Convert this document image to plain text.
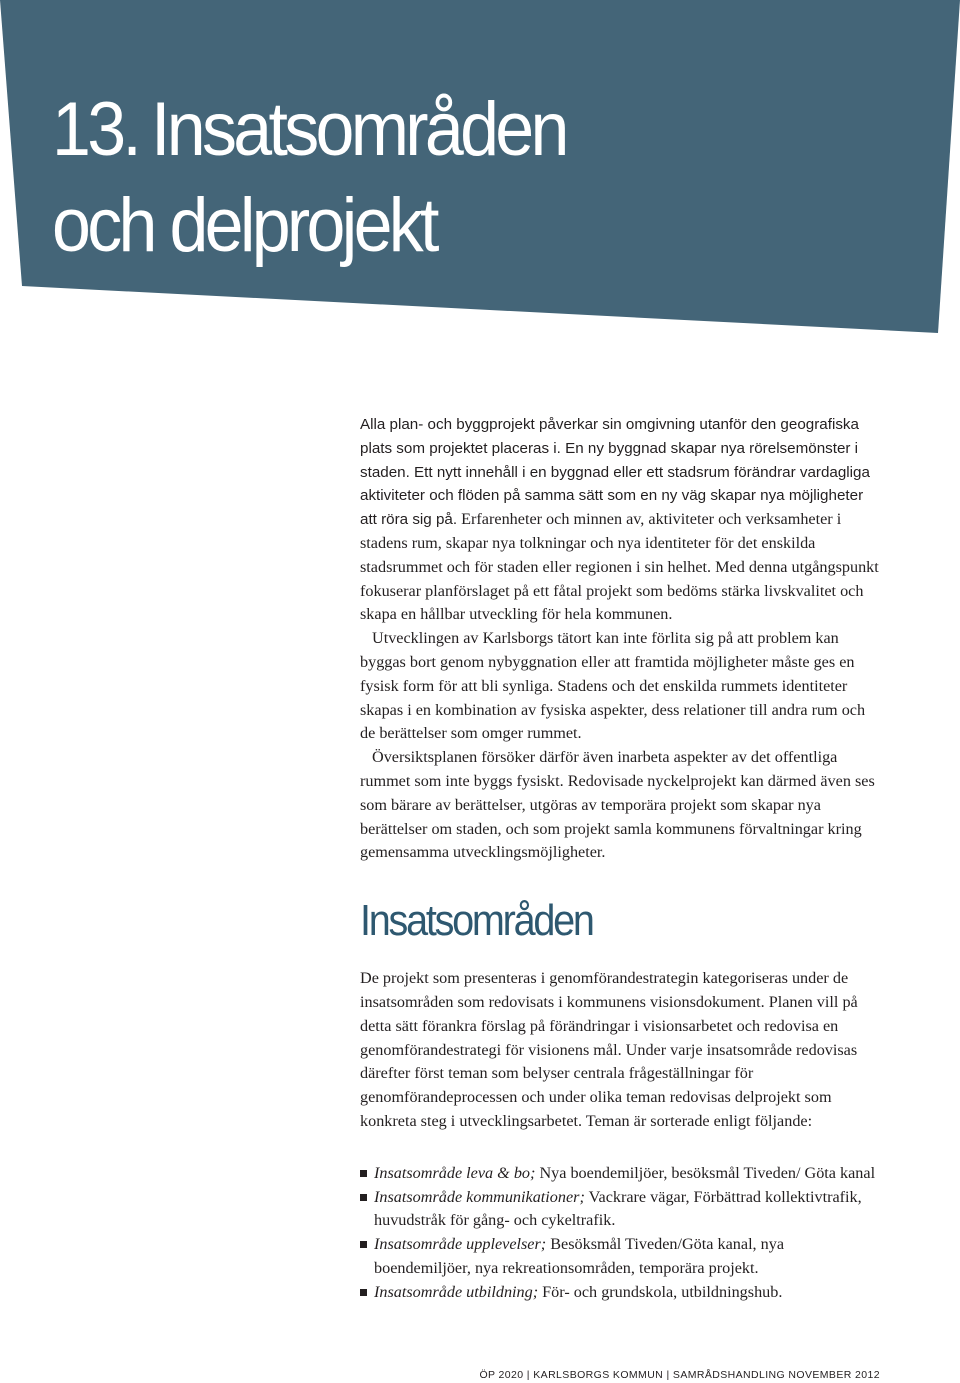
13. Insatsområden
och delprojekt

Alla plan- och byggprojekt påverkar sin omgivning utanför den geografiska plats som projektet placeras i. En ny byggnad skapar nya rörelsemönster i staden. Ett nytt innehåll i en byggnad eller ett stadsrum förändrar vardagliga aktiviteter och flöden på samma sätt som en ny väg skapar nya möjligheter att röra sig på. Erfarenheter och minnen av, aktiviteter och verksamheter i stadens rum, skapar nya tolkningar och nya identiteter för det enskilda stadsrummet och för staden eller regionen i sin helhet. Med denna utgångspunkt fokuserar planförslaget på ett fåtal projekt som bedöms stärka livskvalitet och skapa en hållbar utveckling för hela kommunen.

Utvecklingen av Karlsborgs tätort kan inte förlita sig på att problem kan byggas bort genom nybyggnation eller att framtida möjligheter måste ges en fysisk form för att bli synliga. Stadens och det enskilda rummets identiteter skapas i en kombination av fysiska aspekter, dess relationer till andra rum och de berättelser som omger rummet.

Översiktsplanen försöker därför även inarbeta aspekter av det offentliga rummet som inte byggs fysiskt. Redovisade nyckelprojekt kan därmed även ses som bärare av berättelser, utgöras av temporära projekt som skapar nya berättelser om staden, och som projekt samla kommunens förvaltningar kring gemensamma utvecklingsmöjligheter.

Insatsområden

De projekt som presenteras i genomförandestrategin kategoriseras under de insatsområden som redovisats i kommunens visionsdokument. Planen vill på detta sätt förankra förslag på förändringar i visionsarbetet och redovisa en genomförandestrategi för visionens mål. Under varje insatsområde redovisas därefter först teman som belyser centrala frågeställningar för genomförandeprocessen och under olika teman redovisas delprojekt som konkreta steg i utvecklingsarbetet. Teman är sorterade enligt följande:

Insatsområde leva & bo; Nya boendemiljöer, besöksmål Tiveden/ Göta kanal
Insatsområde kommunikationer; Vackrare vägar, Förbättrad kollektivtrafik, huvudstråk för gång- och cykeltrafik.
Insatsområde upplevelser; Besöksmål Tiveden/Göta kanal, nya boendemiljöer, nya rekreationsområden, temporära projekt.
Insatsområde utbildning; För- och grundskola, utbildningshub.
ÖP 2020 | KARLSBORGS KOMMUN | SAMRÅDSHANDLING NOVEMBER 2012
